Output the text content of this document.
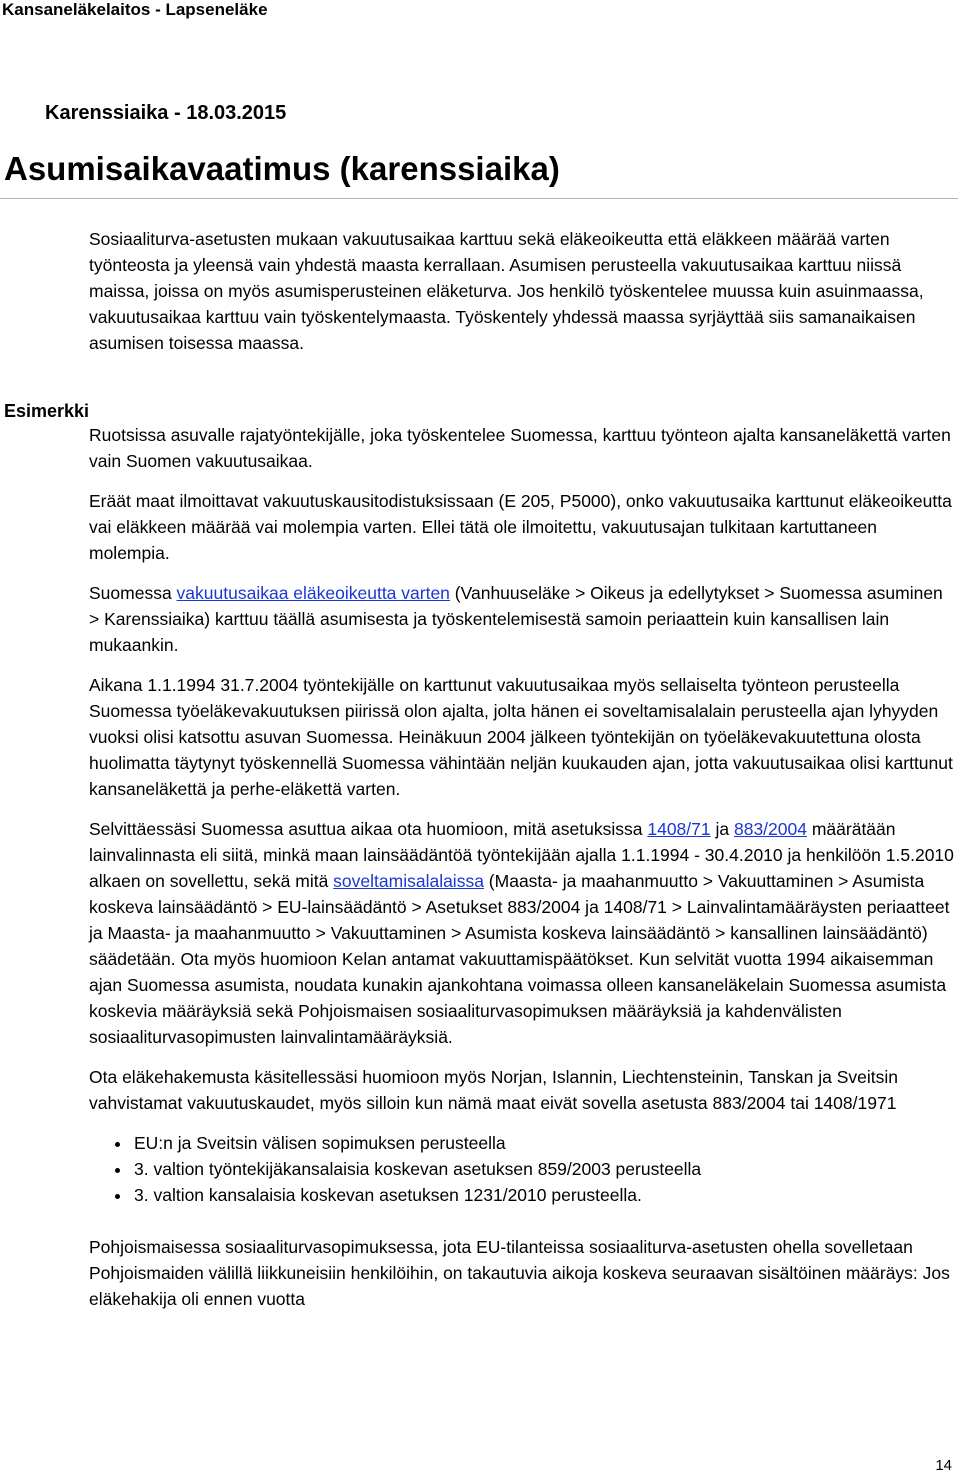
Kansaneläkelaitos - Lapseneläke
Karenssiaika - 18.03.2015
Asumisaikavaatimus (karenssiaika)
Esimerkki

Sosiaaliturva-asetusten mukaan vakuutusaikaa karttuu sekä eläkeoikeutta että eläkkeen määrää varten työnteosta ja yleensä vain yhdestä maasta kerrallaan. Asumisen perusteella vakuutusaikaa karttuu niissä maissa, joissa on myös asumisperusteinen eläketurva. Jos henkilö työskentelee muussa kuin asuinmaassa, vakuutusaikaa karttuu vain työskentelymaasta. Työskentely yhdessä maassa syrjäyttää siis samanaikaisen asumisen toisessa maassa.

Ruotsissa asuvalle rajatyöntekijälle, joka työskentelee Suomessa, karttuu työnteon ajalta kansaneläkettä varten vain Suomen vakuutusaikaa.

Eräät maat ilmoittavat vakuutuskausitodistuksissaan (E 205, P5000), onko vakuutusaika karttunut eläkeoikeutta vai eläkkeen määrää vai molempia varten. Ellei tätä ole ilmoitettu, vakuutusajan tulkitaan kartuttaneen molempia.

Suomessa vakuutusaikaa eläkeoikeutta varten (Vanhuuseläke > Oikeus ja edellytykset > Suomessa asuminen > Karenssiaika) karttuu täällä asumisesta ja työskentelemisestä samoin periaattein kuin kansallisen lain mukaankin.

Aikana 1.1.1994 31.7.2004 työntekijälle on karttunut vakuutusaikaa myös sellaiselta työnteon perusteella Suomessa työeläkevakuutuksen piirissä olon ajalta, jolta hänen ei soveltamisalalain perusteella ajan lyhyyden vuoksi olisi katsottu asuvan Suomessa. Heinäkuun 2004 jälkeen työntekijän on työeläkevakuutettuna olosta huolimatta täytynyt työskennellä Suomessa vähintään neljän kuukauden ajan, jotta vakuutusaikaa olisi karttunut kansaneläkettä ja perhe-eläkettä varten.

Selvittäessäsi Suomessa asuttua aikaa ota huomioon, mitä asetuksissa 1408/71 ja 883/2004 määrätään lainvalinnasta eli siitä, minkä maan lainsäädäntöä työntekijään ajalla 1.1.1994 - 30.4.2010 ja henkilöön 1.5.2010 alkaen on sovellettu, sekä mitä soveltamisalalaissa (Maasta- ja maahanmuutto > Vakuuttaminen > Asumista koskeva lainsäädäntö > EU-lainsäädäntö > Asetukset 883/2004 ja 1408/71 > Lainvalintamääräysten periaatteet ja Maasta- ja maahanmuutto > Vakuuttaminen > Asumista koskeva lainsäädäntö > kansallinen lainsäädäntö) säädetään. Ota myös huomioon Kelan antamat vakuuttamispäätökset. Kun selvität vuotta 1994 aikaisemman ajan Suomessa asumista, noudata kunakin ajankohtana voimassa olleen kansaneläkelain Suomessa asumista koskevia määräyksiä sekä Pohjoismaisen sosiaaliturvasopimuksen määräyksiä ja kahdenvälisten sosiaaliturvasopimusten lainvalintamääräyksiä.

Ota eläkehakemusta käsitellessäsi huomioon myös Norjan, Islannin, Liechtensteinin, Tanskan ja Sveitsin vahvistamat vakuutuskaudet, myös silloin kun nämä maat eivät sovella asetusta 883/2004 tai 1408/1971

• EU:n ja Sveitsin välisen sopimuksen perusteella
• 3. valtion työntekijäkansalaisia koskevan asetuksen 859/2003 perusteella
• 3. valtion kansalaisia koskevan asetuksen 1231/2010 perusteella.

Pohjoismaisessa sosiaaliturvasopimuksessa, jota EU-tilanteissa sosiaaliturva-asetusten ohella sovelletaan Pohjoismaiden välillä liikkuneisiin henkilöihin, on takautuvia aikoja koskeva seuraavan sisältöinen määräys: Jos eläkehakija oli ennen vuotta

14
